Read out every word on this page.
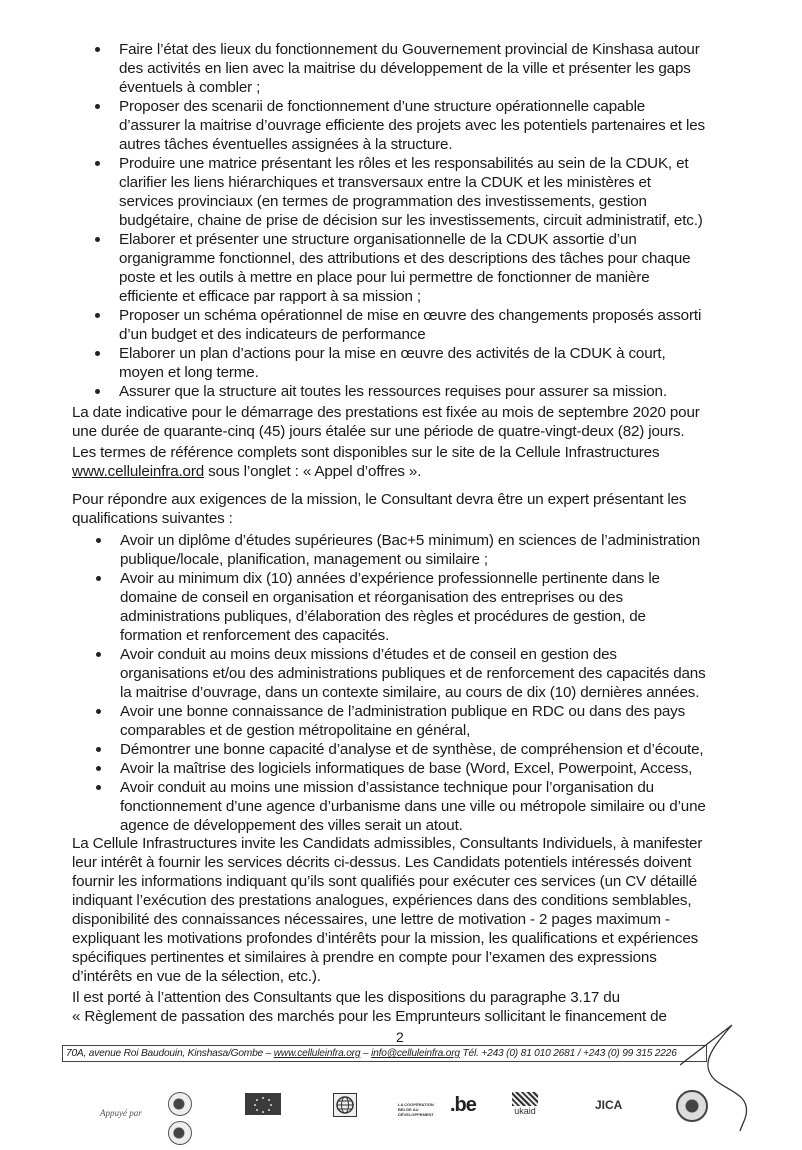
Faire l’état des lieux du fonctionnement du Gouvernement provincial de Kinshasa autour
des activités en lien avec la maitrise du développement de la ville et présenter les gaps
éventuels à combler ;
Proposer des scenarii de fonctionnement d’une structure opérationnelle capable
d’assurer la maitrise d’ouvrage efficiente des projets avec les potentiels partenaires et les
autres tâches éventuelles assignées à la structure.
Produire une matrice présentant les rôles et les responsabilités au sein de la CDUK, et
clarifier les liens hiérarchiques et transversaux entre la CDUK et les ministères et
services provinciaux (en termes de programmation des investissements, gestion
budgétaire, chaine de prise de décision sur les investissements, circuit administratif, etc.)
Elaborer et présenter une structure organisationnelle de la CDUK assortie d’un
organigramme fonctionnel, des attributions et des descriptions des tâches pour chaque
poste et les outils à mettre en place pour lui permettre de fonctionner de manière
efficiente et efficace par rapport à sa mission ;
Proposer un schéma opérationnel de mise en œuvre des changements proposés assorti
d’un budget et des indicateurs de performance
Elaborer un plan d’actions pour la mise en œuvre des activités de la CDUK à court,
moyen et long terme.
Assurer que la structure ait toutes les ressources requises pour assurer sa mission.
La date indicative pour le démarrage des prestations est fixée au mois de septembre 2020 pour
une durée de quarante-cinq (45) jours étalée sur une période de quatre-vingt-deux (82) jours.
Les termes de référence complets sont disponibles sur le site de la Cellule Infrastructures
www.celluleinfra.ord sous l’onglet : « Appel d’offres ».
Pour répondre aux exigences de la mission, le Consultant devra être un expert présentant les
qualifications suivantes :
Avoir un diplôme d’études supérieures (Bac+5 minimum) en sciences de l’administration
publique/locale, planification, management ou similaire ;
Avoir au minimum dix (10) années d’expérience professionnelle pertinente dans le
domaine de conseil en organisation et réorganisation des entreprises ou des
administrations publiques, d’élaboration des règles et procédures de gestion, de
formation et renforcement des capacités.
Avoir conduit au moins deux missions d’études et de conseil en gestion des
organisations et/ou des administrations publiques et de renforcement des capacités dans
la maitrise d’ouvrage, dans un contexte similaire, au cours de dix (10) dernières années.
Avoir une bonne connaissance de l’administration publique en RDC ou dans des pays
comparables et de gestion métropolitaine en général,
Démontrer une bonne capacité d’analyse et de synthèse, de compréhension et d’écoute,
Avoir la maîtrise des logiciels informatiques de base (Word, Excel, Powerpoint, Access,
Avoir conduit au moins une mission d’assistance technique pour l’organisation du
fonctionnement d’une agence d’urbanisme dans une ville ou métropole similaire ou d’une
agence de développement des villes serait un atout.
La Cellule Infrastructures invite les Candidats admissibles, Consultants Individuels, à manifester
leur intérêt à fournir les services décrits ci-dessus. Les Candidats potentiels intéressés doivent
fournir les informations indiquant qu’ils sont qualifiés pour exécuter ces services (un CV détaillé
indiquant l’exécution des prestations analogues, expériences dans des conditions semblables,
disponibilité des connaissances nécessaires, une lettre de motivation - 2 pages maximum -
expliquant les motivations profondes d’intérêts pour la mission, les qualifications et expériences
spécifiques pertinentes et similaires à prendre en compte pour l’examen des expressions
d’intérêts en vue de la sélection, etc.).
Il est porté à l’attention des Consultants que les dispositions du paragraphe 3.17 du
« Règlement de passation des marchés pour les Emprunteurs sollicitant le financement de
2
70A, avenue Roi Baudouin, Kinshasa/Gombe – www.celluleinfra.org – info@celluleinfra.org Tél. +243 (0) 81 010 2681 / +243 (0) 99 315 2226
Appuyé par
LA COOPÉRATION BELGE AU DÉVELOPPEMENT .be	ukaid	JICA
